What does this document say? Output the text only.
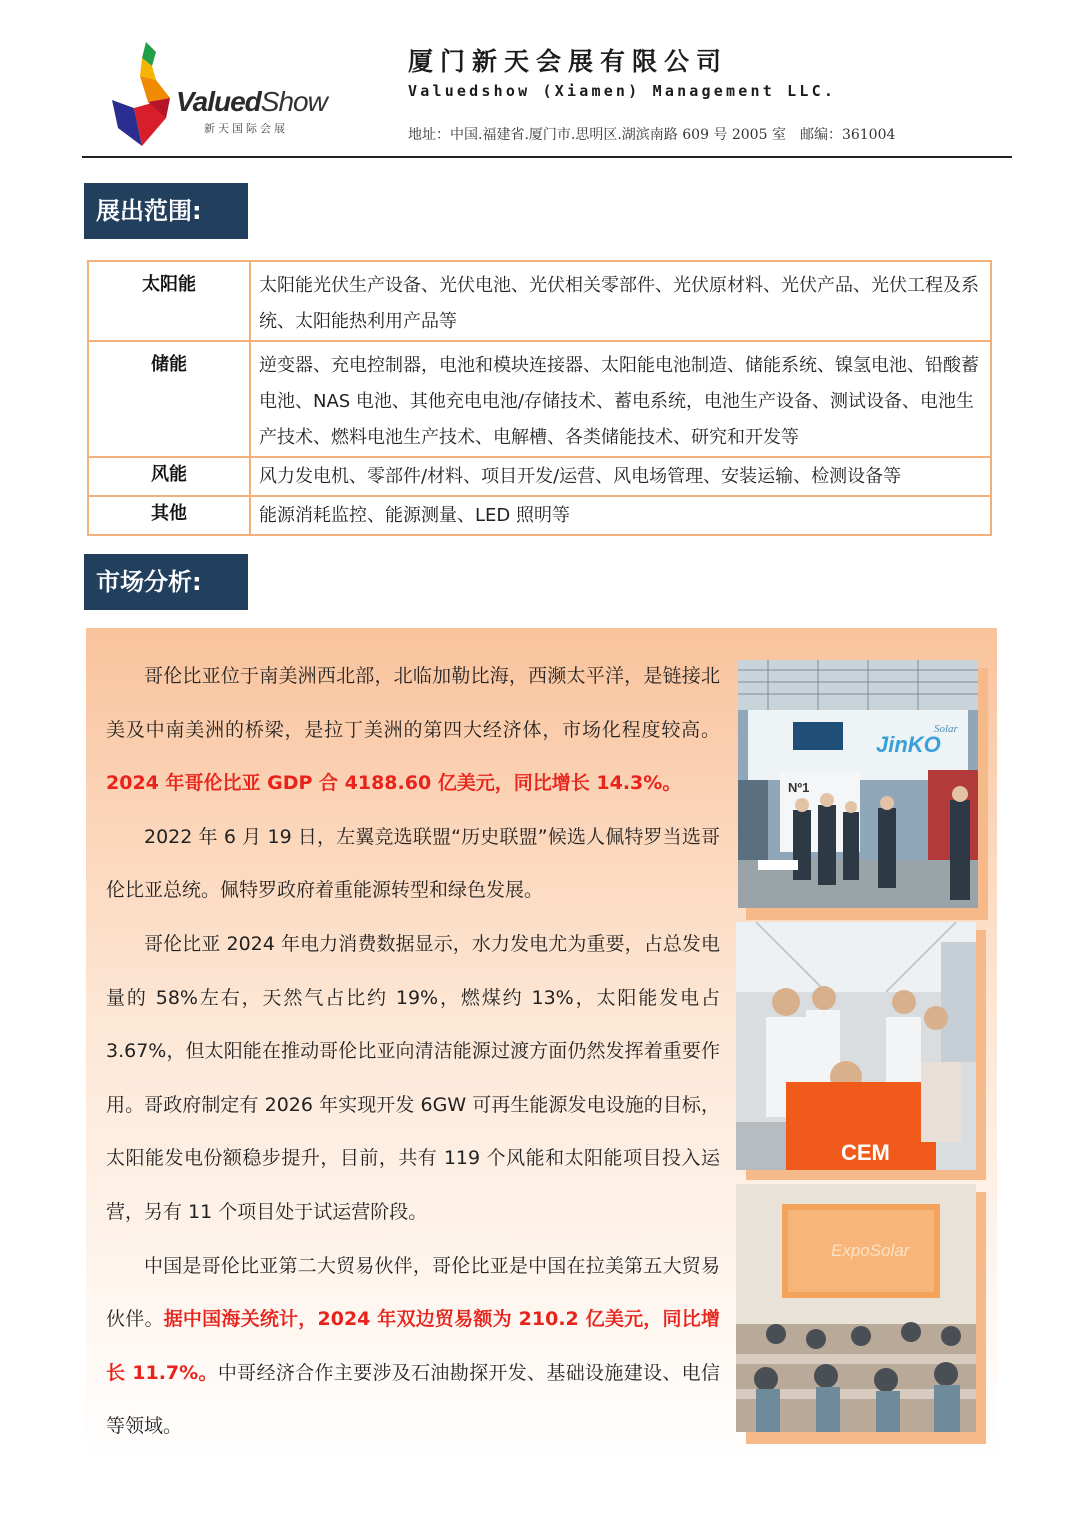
ValuedShow
新天国际会展
厦门新天会展有限公司
Valuedshow (Xiamen) Management LLC.
地址：中国.福建省.厦门市.思明区.湖滨南路 609 号 2005 室　邮编：361004
展出范围:
太阳能	太阳能光伏生产设备、光伏电池、光伏相关零部件、光伏原材料、光伏产品、光伏工程及系统、太阳能热利用产品等
储能	逆变器、充电控制器，电池和模块连接器、太阳能电池制造、储能系统、镍氢电池、铅酸蓄电池、NAS 电池、其他充电电池/存储技术、蓄电系统，电池生产设备、测试设备、电池生产技术、燃料电池生产技术、电解槽、各类储能技术、研究和开发等
风能	风力发电机、零部件/材料、项目开发/运营、风电场管理、安装运输、检测设备等
其他	能源消耗监控、能源测量、LED 照明等
市场分析:

哥伦比亚位于南美洲西北部，北临加勒比海，西濒太平洋，是链接北美及中南美洲的桥梁，是拉丁美洲的第四大经济体，市场化程度较高。2024 年哥伦比亚 GDP 合 4188.60 亿美元，同比增长 14.3%。

2022 年 6 月 19 日，左翼竞选联盟“历史联盟”候选人佩特罗当选哥伦比亚总统。佩特罗政府着重能源转型和绿色发展。

哥伦比亚 2024 年电力消费数据显示，水力发电尤为重要，占总发电量的 58%左右，天然气占比约 19%，燃煤约 13%，太阳能发电占 3.67%，但太阳能在推动哥伦比亚向清洁能源过渡方面仍然发挥着重要作用。哥政府制定有 2026 年实现开发 6GW 可再生能源发电设施的目标，太阳能发电份额稳步提升，目前，共有 119 个风能和太阳能项目投入运营，另有 11 个项目处于试运营阶段。

中国是哥伦比亚第二大贸易伙伴，哥伦比亚是中国在拉美第五大贸易伙伴。据中国海关统计，2024 年双边贸易额为 210.2 亿美元，同比增长 11.7%。中哥经济合作主要涉及石油勘探开发、基础设施建设、电信等领域。

JinKO
Solar
Nº1
CEM
ExpoSolar
